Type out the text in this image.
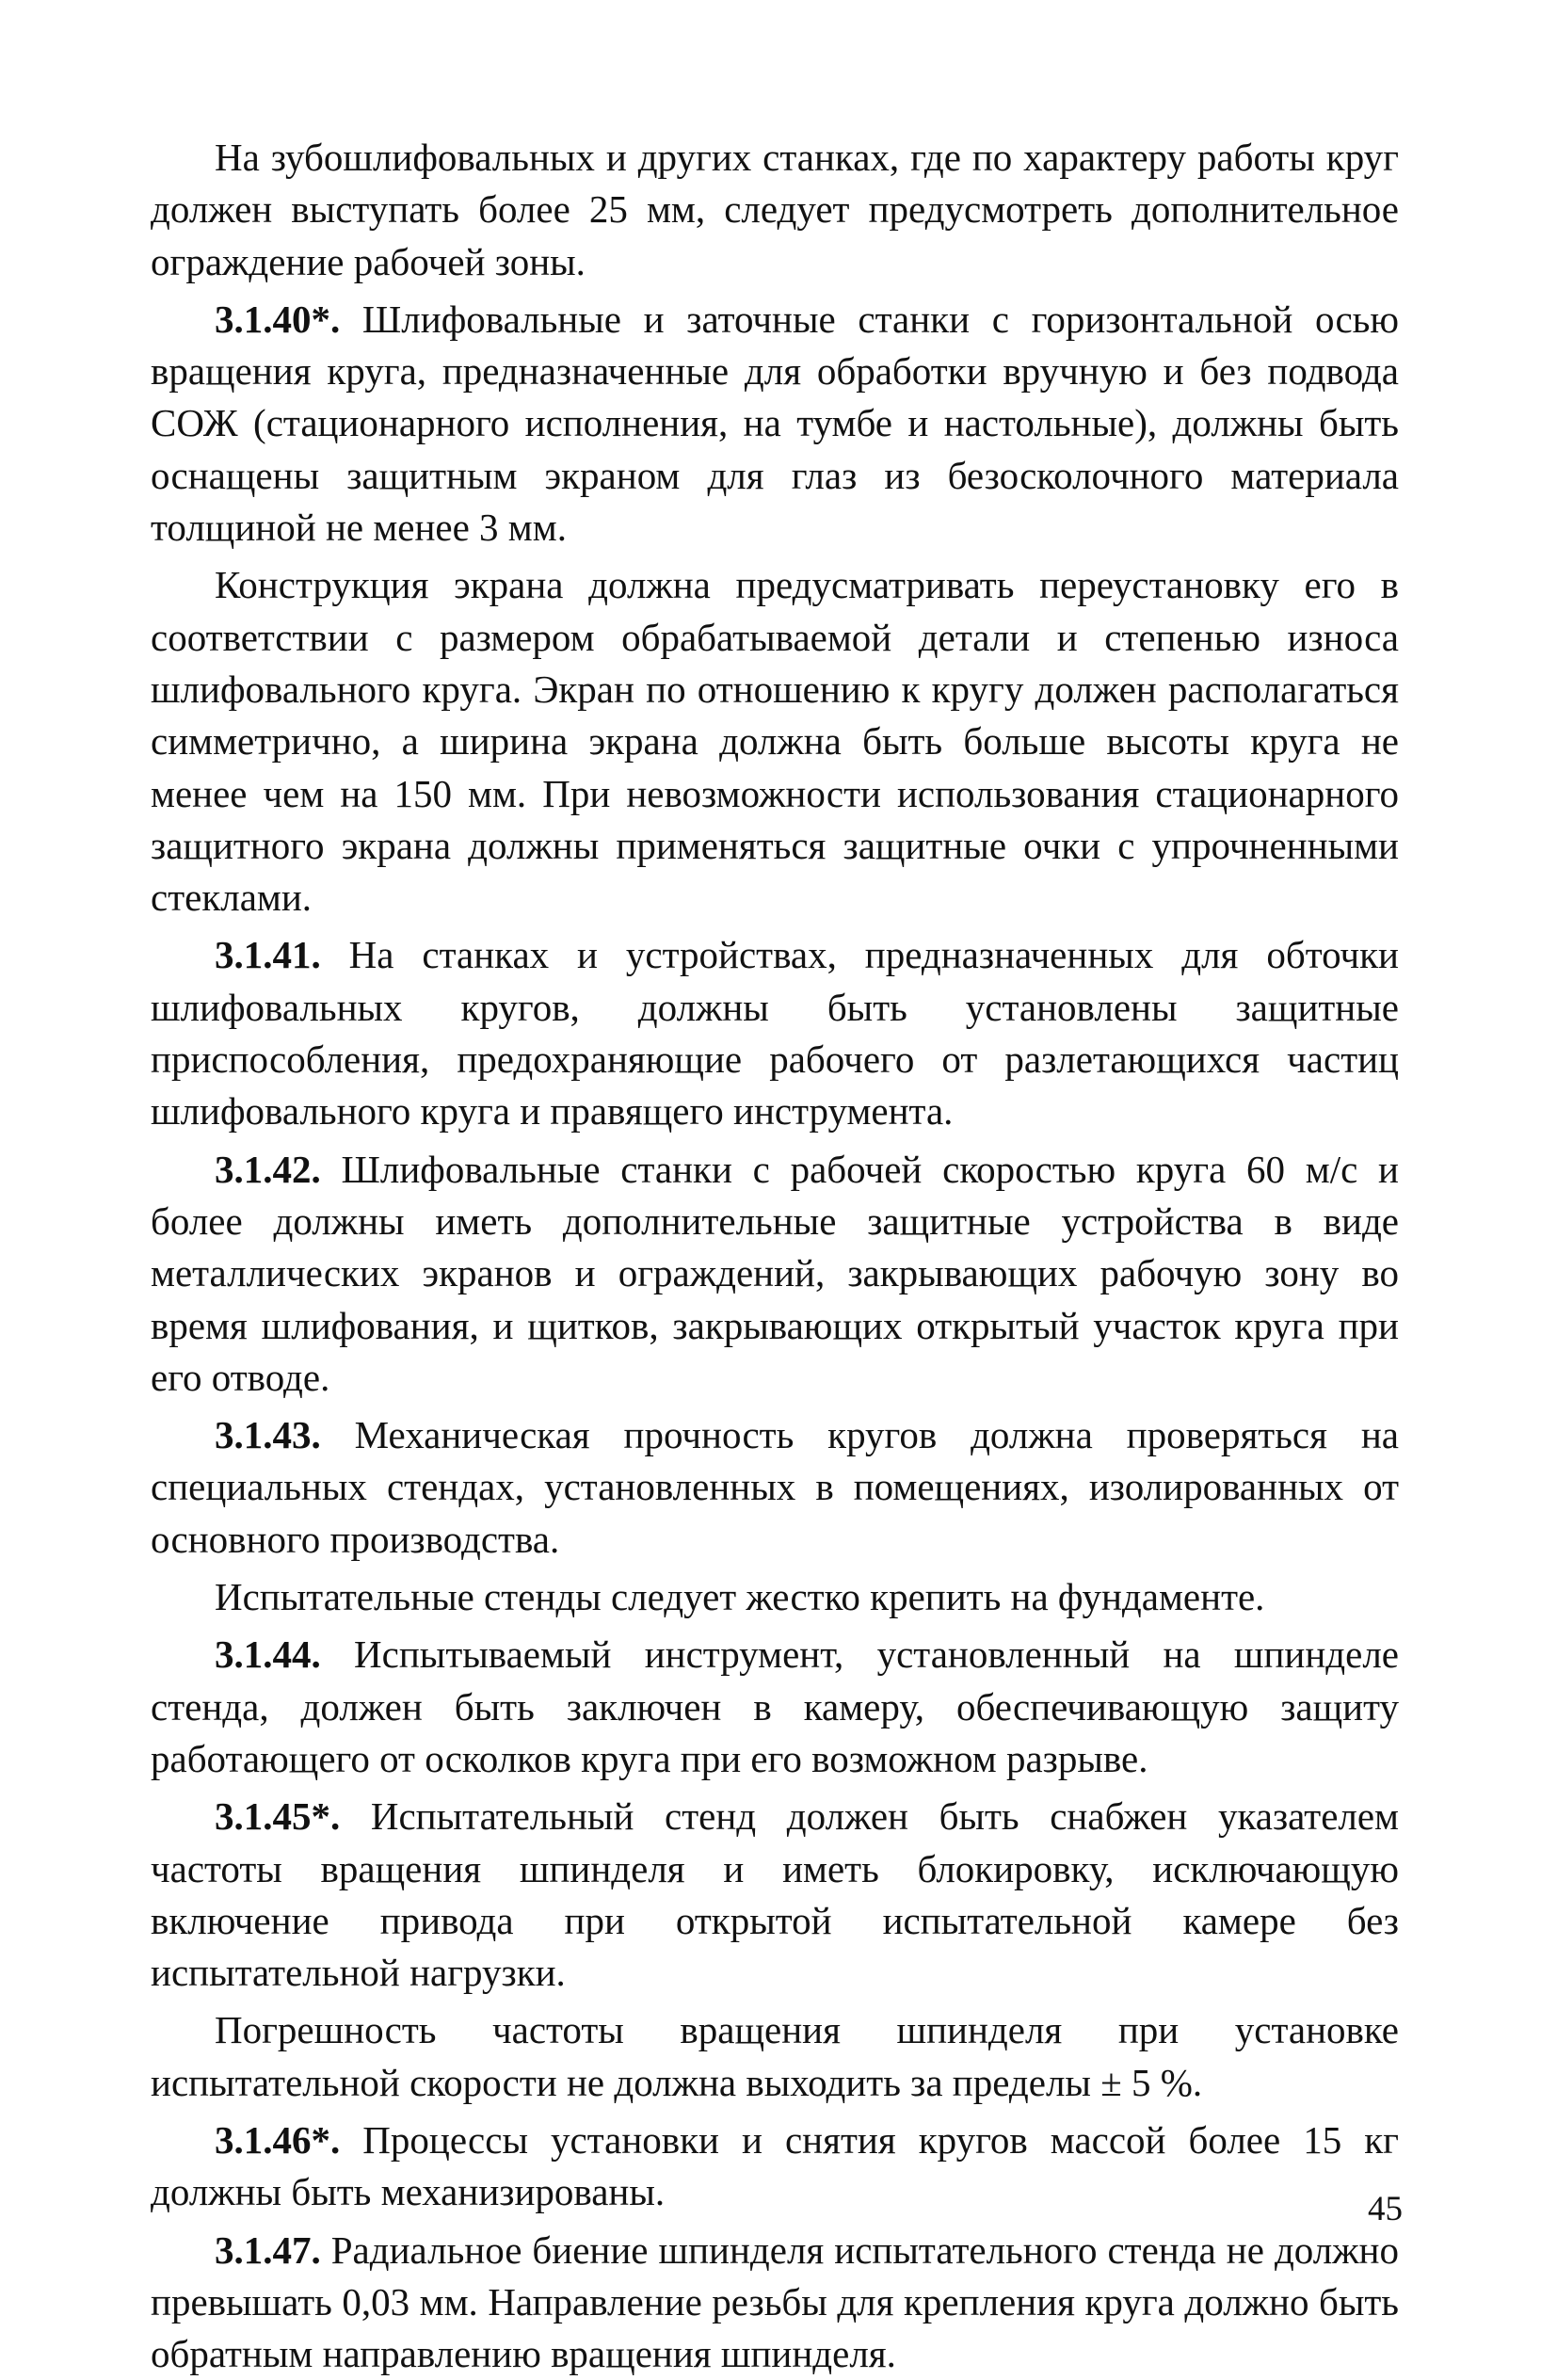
На зубошлифовальных и других станках, где по характеру работы круг должен выступать более 25 мм, следует предусмотреть дополнительное ограждение рабочей зоны.

3.1.40*. Шлифовальные и заточные станки с горизонтальной осью вращения круга, предназначенные для обработки вручную и без подвода СОЖ (стационарного исполнения, на тумбе и настольные), должны быть оснащены защитным экраном для глаз из безосколочного материала толщиной не менее 3 мм.

Конструкция экрана должна предусматривать переустановку его в соответствии с размером обрабатываемой детали и степенью износа шлифовального круга. Экран по отношению к кругу должен располагаться симметрично, а ширина экрана должна быть больше высоты круга не менее чем на 150 мм. При невозможности использования стационарного защитного экрана должны применяться защитные очки с упрочненными стеклами.

3.1.41. На станках и устройствах, предназначенных для обточки шлифовальных кругов, должны быть установлены защитные приспособления, предохраняющие рабочего от разлетающихся частиц шлифовального круга и правящего инструмента.

3.1.42. Шлифовальные станки с рабочей скоростью круга 60 м/с и более должны иметь дополнительные защитные устройства в виде металлических экранов и ограждений, закрывающих рабочую зону во время шлифования, и щитков, закрывающих открытый участок круга при его отводе.

3.1.43. Механическая прочность кругов должна проверяться на специальных стендах, установленных в помещениях, изолированных от основного производства.

Испытательные стенды следует жестко крепить на фундаменте.

3.1.44. Испытываемый инструмент, установленный на шпинделе стенда, должен быть заключен в камеру, обеспечивающую защиту работающего от осколков круга при его возможном разрыве.

3.1.45*. Испытательный стенд должен быть снабжен указателем частоты вращения шпинделя и иметь блокировку, исключающую включение привода при открытой испытательной камере без испытательной нагрузки.

Погрешность частоты вращения шпинделя при установке испытательной скорости не должна выходить за пределы ± 5 %.

3.1.46*. Процессы установки и снятия кругов массой более 15 кг должны быть механизированы.

3.1.47. Радиальное биение шпинделя испытательного стенда не должно превышать 0,03 мм. Направление резьбы для крепления круга должно быть обратным направлению вращения шпинделя.

45
